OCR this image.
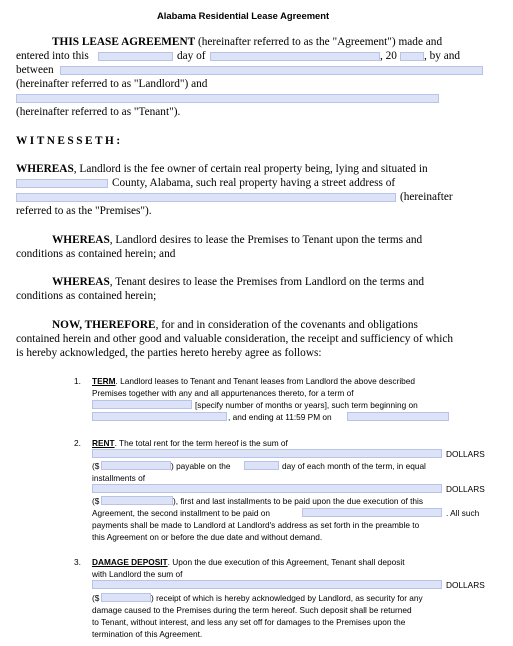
Alabama Residential Lease Agreement
THIS LEASE AGREEMENT (hereinafter referred to as the "Agreement") made and
entered into this	day of	, 20 , by and
between
(hereinafter referred to as "Landlord") and
(hereinafter referred to as "Tenant").
WITNESSETH:
WHEREAS, Landlord is the fee owner of certain real property being, lying and situated in
County, Alabama, such real property having a street address of
(hereinafter
referred to as the "Premises").
WHEREAS, Landlord desires to lease the Premises to Tenant upon the terms and
conditions as contained herein; and
WHEREAS, Tenant desires to lease the Premises from Landlord on the terms and
conditions as contained herein;
NOW, THEREFORE, for and in consideration of the covenants and obligations
contained herein and other good and valuable consideration, the receipt and sufficiency of which
is hereby acknowledged, the parties hereto hereby agree as follows:
1. TERM. Landlord leases to Tenant and Tenant leases from Landlord the above described
Premises together with any and all appurtenances thereto, for a term of
[specify number of months or years], such term beginning on
, and ending at 11:59 PM on
2. RENT. The total rent for the term hereof is the sum of
DOLLARS
($	) payable on the	day of each month of the term, in equal
installments of
DOLLARS
($	), first and last installments to be paid upon the due execution of this
Agreement, the second installment to be paid on	. All such
payments shall be made to Landlord at Landlord's address as set forth in the preamble to
this Agreement on or before the due date and without demand.
3. DAMAGE DEPOSIT. Upon the due execution of this Agreement, Tenant shall deposit
with Landlord the sum of
DOLLARS
($	) receipt of which is hereby acknowledged by Landlord, as security for any
damage caused to the Premises during the term hereof. Such deposit shall be returned
to Tenant, without interest, and less any set off for damages to the Premises upon the
termination of this Agreement.
